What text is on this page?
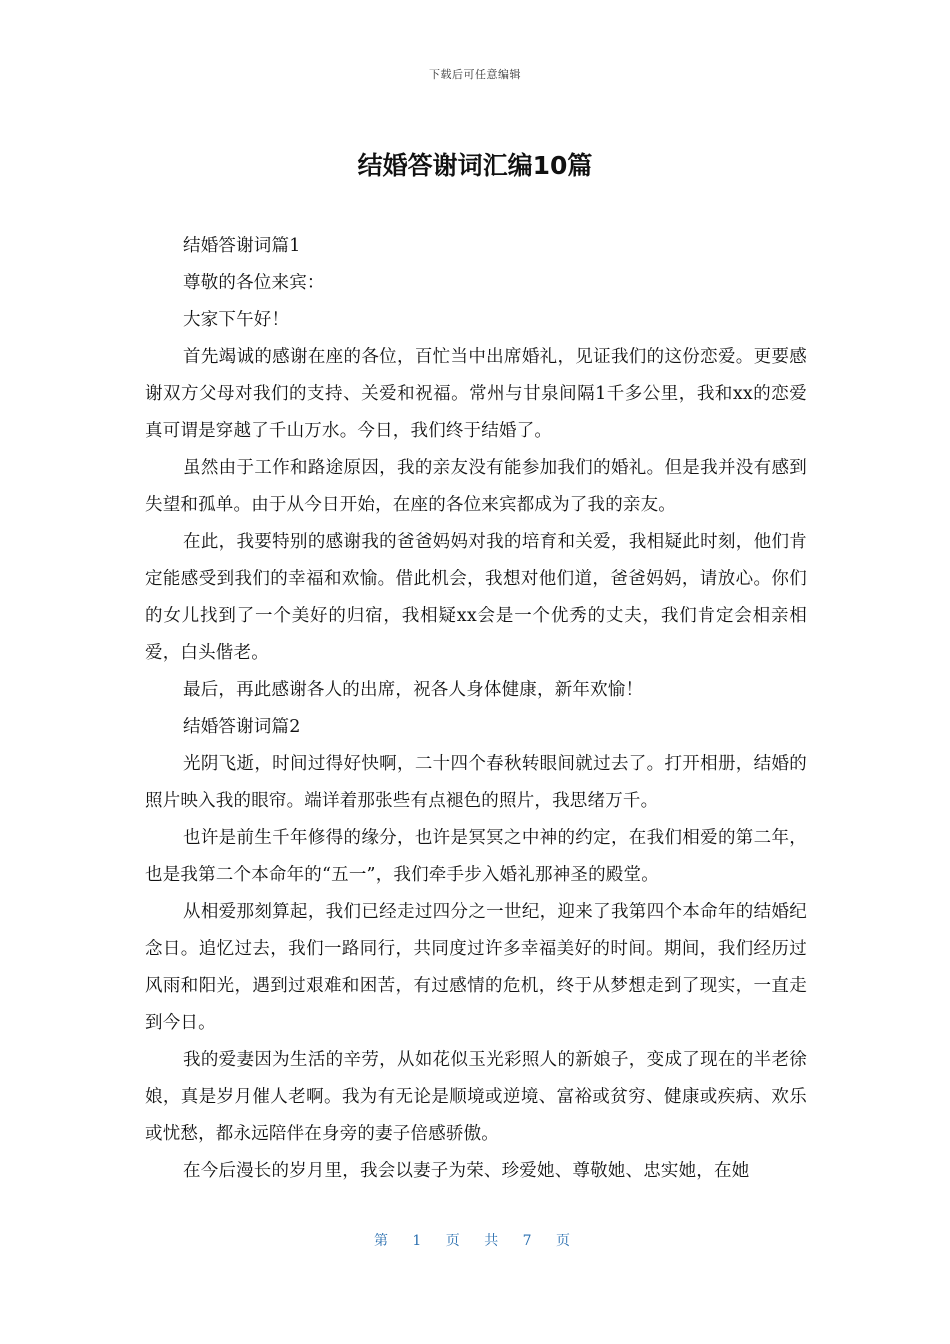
下载后可任意编辑
结婚答谢词汇编10篇

结婚答谢词篇1

尊敬的各位来宾：

大家下午好！

首先竭诚的感谢在座的各位，百忙当中出席婚礼，见证我们的这份恋爱。更要感谢双方父母对我们的支持、关爱和祝福。常州与甘泉间隔1千多公里，我和xx的恋爱真可谓是穿越了千山万水。今日，我们终于结婚了。

虽然由于工作和路途原因，我的亲友没有能参加我们的婚礼。但是我并没有感到失望和孤单。由于从今日开始，在座的各位来宾都成为了我的亲友。

在此，我要特别的感谢我的爸爸妈妈对我的培育和关爱，我相疑此时刻，他们肯定能感受到我们的幸福和欢愉。借此机会，我想对他们道，爸爸妈妈，请放心。你们的女儿找到了一个美好的归宿，我相疑xx会是一个优秀的丈夫，我们肯定会相亲相爱，白头偕老。

最后，再此感谢各人的出席，祝各人身体健康，新年欢愉！

结婚答谢词篇2

光阴飞逝，时间过得好快啊，二十四个春秋转眼间就过去了。打开相册，结婚的照片映入我的眼帘。端详着那张些有点褪色的照片，我思绪万千。

也许是前生千年修得的缘分，也许是冥冥之中神的约定，在我们相爱的第二年，也是我第二个本命年的“五一”，我们牵手步入婚礼那神圣的殿堂。

从相爱那刻算起，我们已经走过四分之一世纪，迎来了我第四个本命年的结婚纪念日。追忆过去，我们一路同行，共同度过许多幸福美好的时间。期间，我们经历过风雨和阳光，遇到过艰难和困苦，有过感情的危机，终于从梦想走到了现实，一直走到今日。

我的爱妻因为生活的辛劳，从如花似玉光彩照人的新娘子，变成了现在的半老徐娘，真是岁月催人老啊。我为有无论是顺境或逆境、富裕或贫穷、健康或疾病、欢乐或忧愁，都永远陪伴在身旁的妻子倍感骄傲。

在今后漫长的岁月里，我会以妻子为荣、珍爱她、尊敬她、忠实她，在她

第 1 页 共 7 页
